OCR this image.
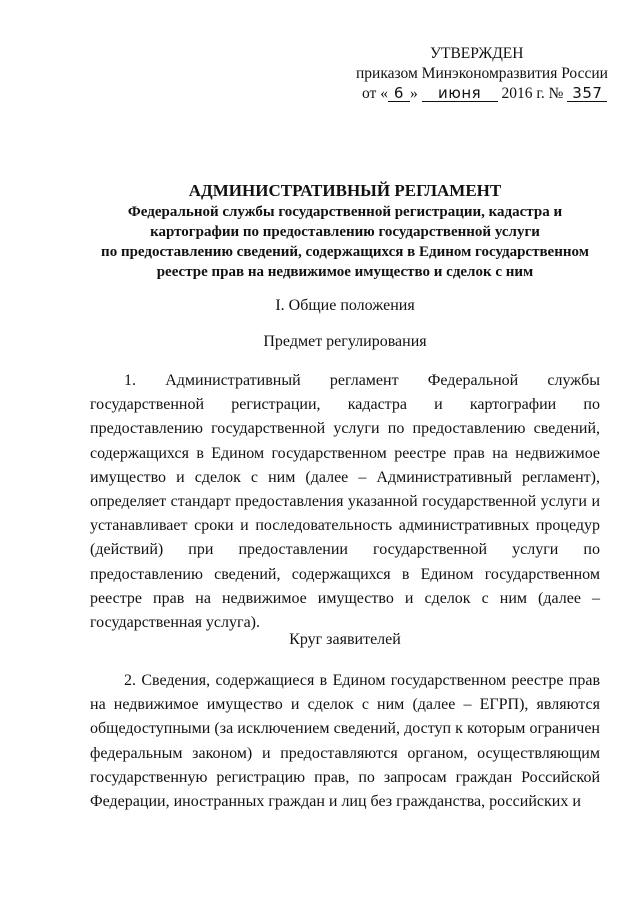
УТВЕРЖДЕН
приказом Минэкономразвития России
от « 6 » июня 2016 г. № 357
АДМИНИСТРАТИВНЫЙ РЕГЛАМЕНТ
Федеральной службы государственной регистрации, кадастра и
картографии по предоставлению государственной услуги
по предоставлению сведений, содержащихся в Едином государственном
реестре прав на недвижимое имущество и сделок с ним
I. Общие положения
Предмет регулирования
1. Административный регламент Федеральной службы государственной регистрации, кадастра и картографии по предоставлению государственной услуги по предоставлению сведений, содержащихся в Едином государственном реестре прав на недвижимое имущество и сделок с ним (далее – Административный регламент), определяет стандарт предоставления указанной государственной услуги и устанавливает сроки и последовательность административных процедур (действий) при предоставлении государственной услуги по предоставлению сведений, содержащихся в Едином государственном реестре прав на недвижимое имущество и сделок с ним (далее – государственная услуга).
Круг заявителей
2. Сведения, содержащиеся в Едином государственном реестре прав на недвижимое имущество и сделок с ним (далее – ЕГРП), являются общедоступными (за исключением сведений, доступ к которым ограничен федеральным законом) и предоставляются органом, осуществляющим государственную регистрацию прав, по запросам граждан Российской Федерации, иностранных граждан и лиц без гражданства, российских и
